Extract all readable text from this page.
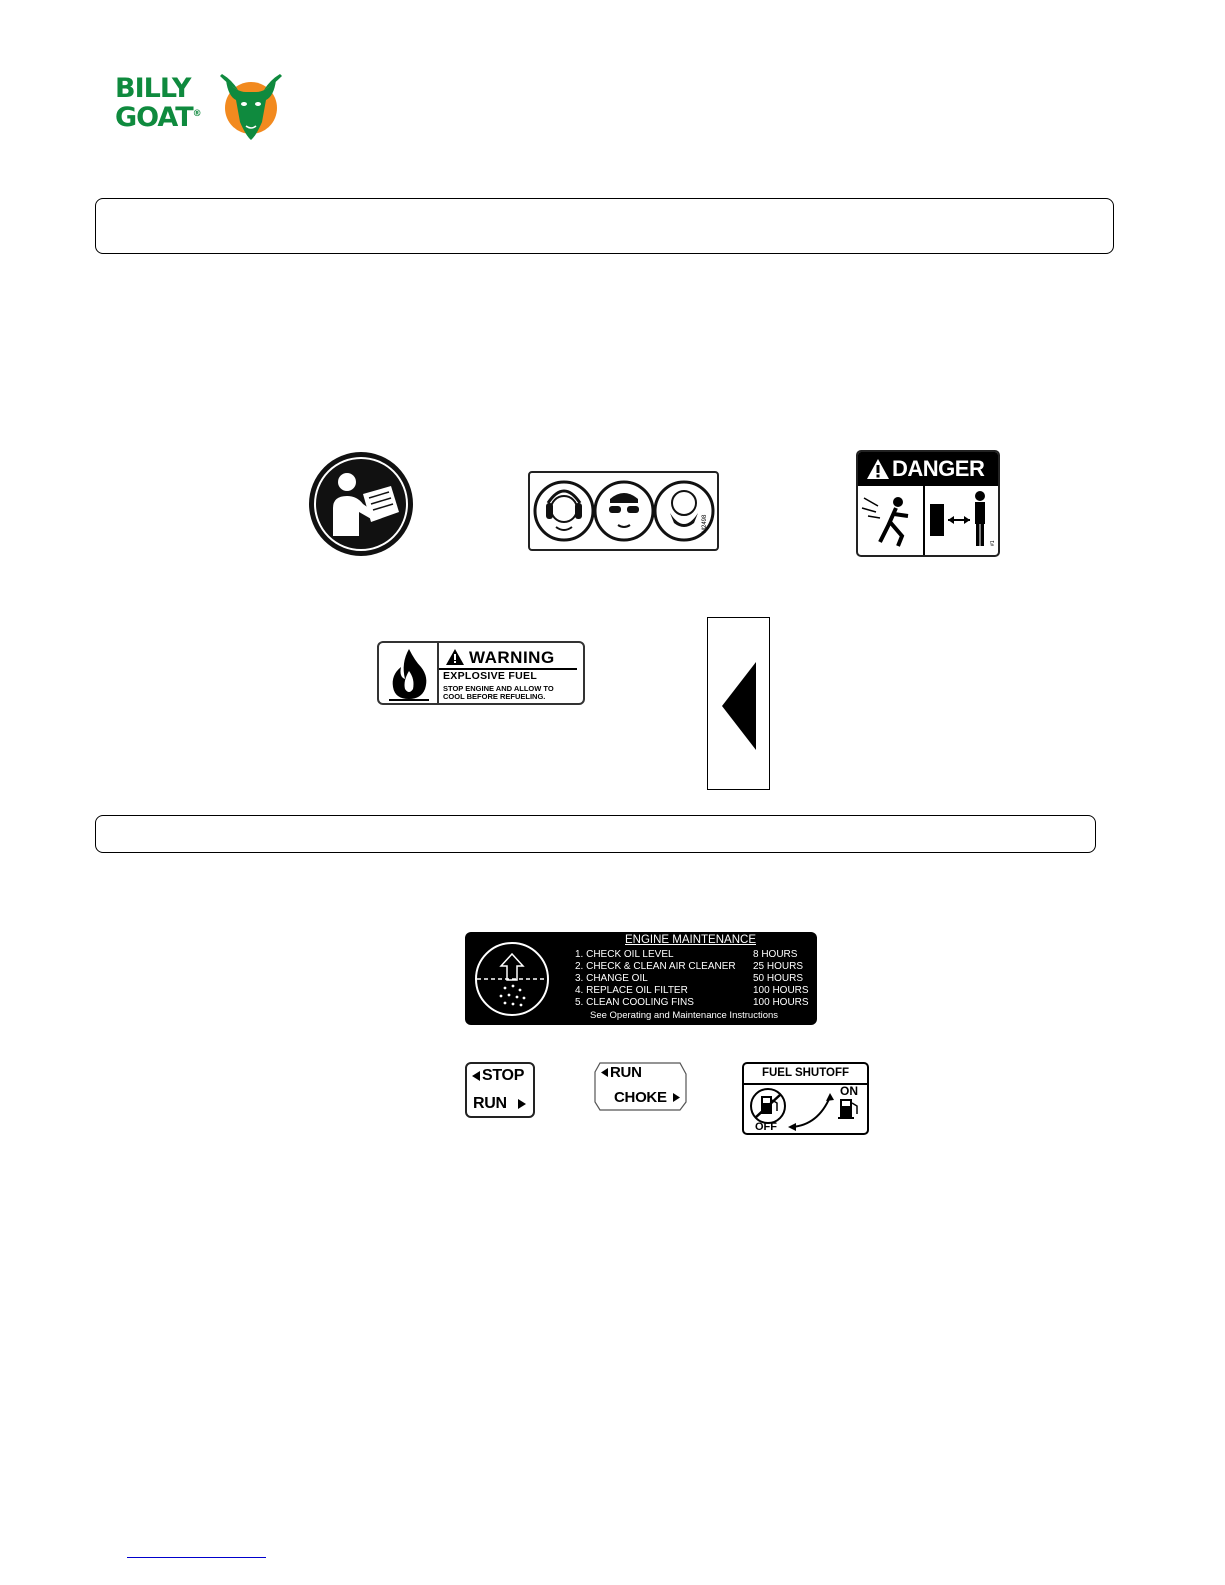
BILLY
GOAT®
M2498
DANGER
#1
WARNING
EXPLOSIVE FUEL
STOP ENGINE AND ALLOW TO
COOL BEFORE REFUELING.
ENGINE MAINTENANCE
1. CHECK OIL LEVEL	8 HOURS
2. CHECK & CLEAN AIR CLEANER 25 HOURS
3. CHANGE OIL	50 HOURS
4. REPLACE OIL FILTER	100 HOURS
5. CLEAN COOLING FINS	100 HOURS
See Operating and Maintenance Instructions
STOP
RUN
RUN
CHOKE
FUEL SHUTOFF
ON
OFF
